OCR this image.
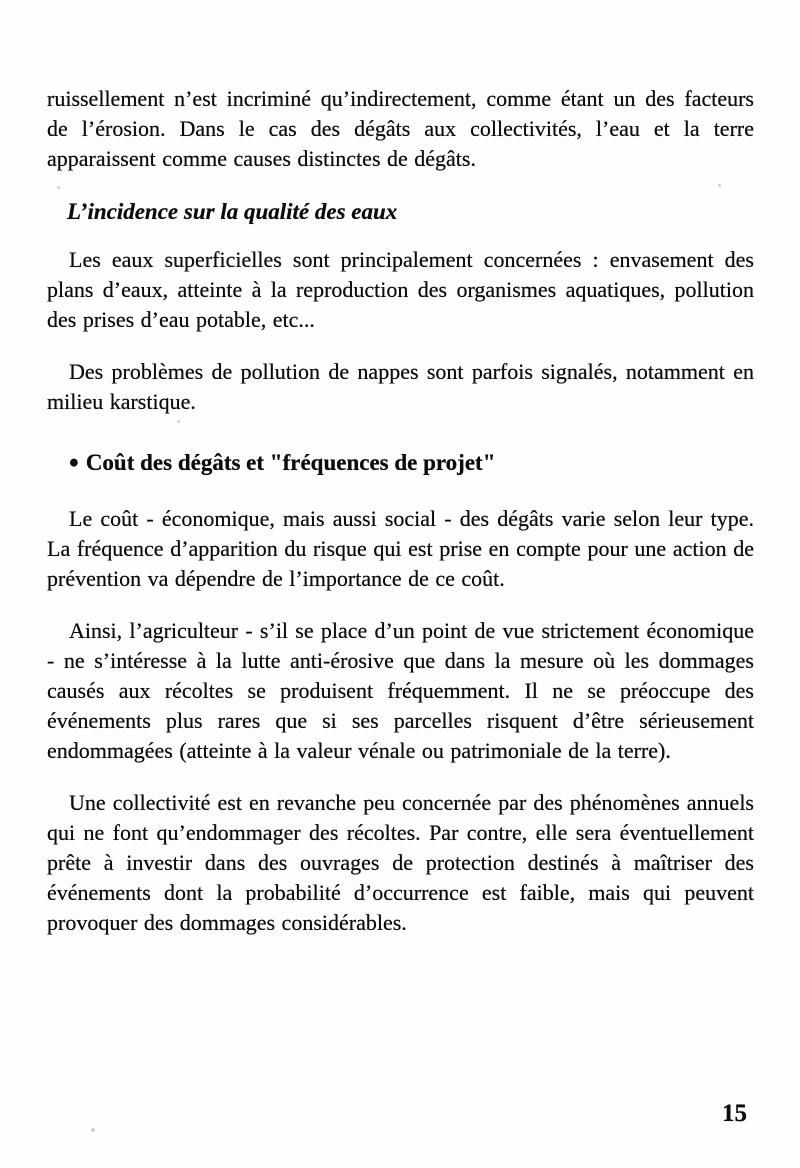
ruissellement n’est incriminé qu’indirectement, comme étant un des facteurs de l’érosion. Dans le cas des dégâts aux collectivités, l’eau et la terre apparaissent comme causes distinctes de dégâts.

L’incidence sur la qualité des eaux

Les eaux superficielles sont principalement concernées : envasement des plans d’eaux, atteinte à la reproduction des organismes aquatiques, pollution des prises d’eau potable, etc...

Des problèmes de pollution de nappes sont parfois signalés, notamment en milieu karstique.

• Coût des dégâts et "fréquences de projet"

Le coût - économique, mais aussi social - des dégâts varie selon leur type. La fréquence d’apparition du risque qui est prise en compte pour une action de prévention va dépendre de l’importance de ce coût.

Ainsi, l’agriculteur - s’il se place d’un point de vue strictement économique - ne s’intéresse à la lutte anti-érosive que dans la mesure où les dommages causés aux récoltes se produisent fréquemment. Il ne se préoccupe des événements plus rares que si ses parcelles risquent d’être sérieusement endommagées (atteinte à la valeur vénale ou patrimoniale de la terre).

Une collectivité est en revanche peu concernée par des phénomènes annuels qui ne font qu’endommager des récoltes. Par contre, elle sera éventuellement prête à investir dans des ouvrages de protection destinés à maîtriser des événements dont la probabilité d’occurrence est faible, mais qui peuvent provoquer des dommages considérables.

15
